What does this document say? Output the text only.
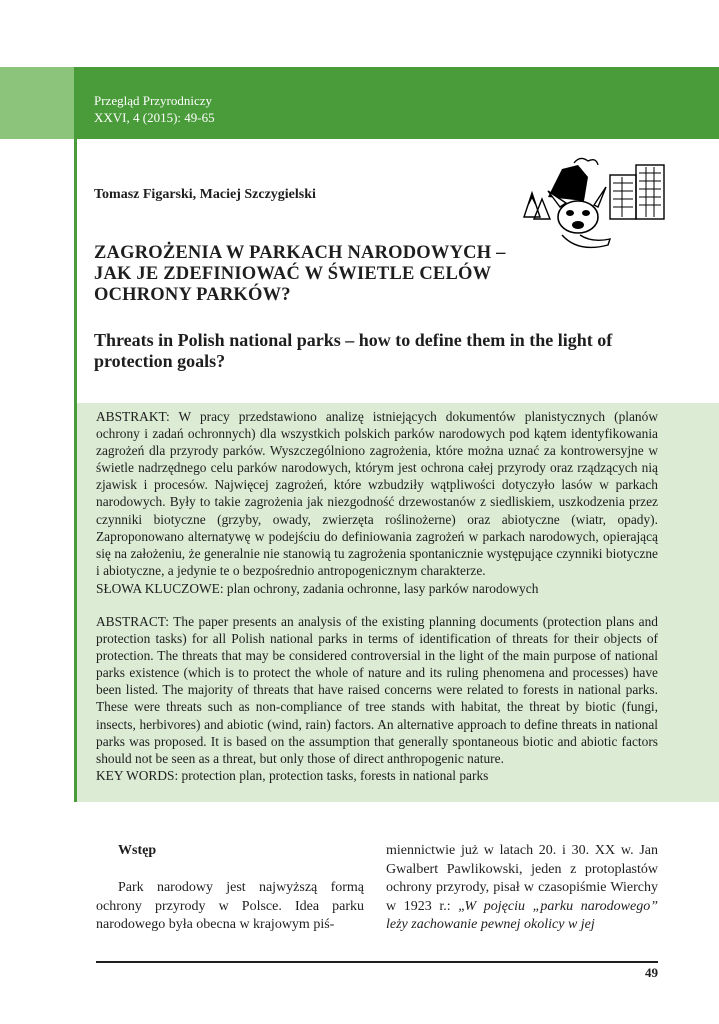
Przegląd Przyrodniczy
XXVI, 4 (2015): 49-65
Tomasz Figarski, Maciej Szczygielski
ZAGROŻENIA W PARKACH NARODOWYCH – JAK JE ZDEFINIOWAĆ W ŚWIETLE CELÓW OCHRONY PARKÓW?
Threats in Polish national parks – how to define them in the light of protection goals?

ABSTRAKT: W pracy przedstawiono analizę istniejących dokumentów planistycznych (planów ochrony i zadań ochronnych) dla wszystkich polskich parków narodowych pod kątem identyfikowania zagrożeń dla przyrody parków. Wyszczególniono zagrożenia, które można uznać za kontrowersyjne w świetle nadrzędnego celu parków narodowych, którym jest ochrona całej przyrody oraz rządzących nią zjawisk i procesów. Najwięcej zagrożeń, które wzbudziły wątpliwości dotyczyło lasów w parkach narodowych. Były to takie zagrożenia jak niezgodność drzewostanów z siedliskiem, uszkodzenia przez czynniki biotyczne (grzyby, owady, zwierzęta roślinożerne) oraz abiotyczne (wiatr, opady). Zaproponowano alternatywę w podejściu do definiowania zagrożeń w parkach narodowych, opierającą się na założeniu, że generalnie nie stanowią tu zagrożenia spontanicznie występujące czynniki biotyczne i abiotyczne, a jedynie te o bezpośrednio antropogenicznym charakterze.

SŁOWA KLUCZOWE: plan ochrony, zadania ochronne, lasy parków narodowych

ABSTRACT: The paper presents an analysis of the existing planning documents (protection plans and protection tasks) for all Polish national parks in terms of identification of threats for their objects of protection. The threats that may be considered controversial in the light of the main purpose of national parks existence (which is to protect the whole of nature and its ruling phenomena and processes) have been listed. The majority of threats that have raised concerns were related to forests in national parks. These were threats such as non-compliance of tree stands with habitat, the threat by biotic (fungi, insects, herbivores) and abiotic (wind, rain) factors. An alternative approach to define threats in national parks was proposed. It is based on the assumption that generally spontaneous biotic and abiotic factors should not be seen as a threat, but only those of direct anthropogenic nature.

KEY WORDS: protection plan, protection tasks, forests in national parks

Wstęp

Park narodowy jest najwyższą formą ochrony przyrody w Polsce. Idea parku narodowego była obecna w krajowym piś-

miennictwie już w latach 20. i 30. XX w. Jan Gwalbert Pawlikowski, jeden z protoplastów ochrony przyrody, pisał w czasopiśmie Wierchy w 1923 r.: „W pojęciu „parku narodowego” leży zachowanie pewnej okolicy w jej

49
